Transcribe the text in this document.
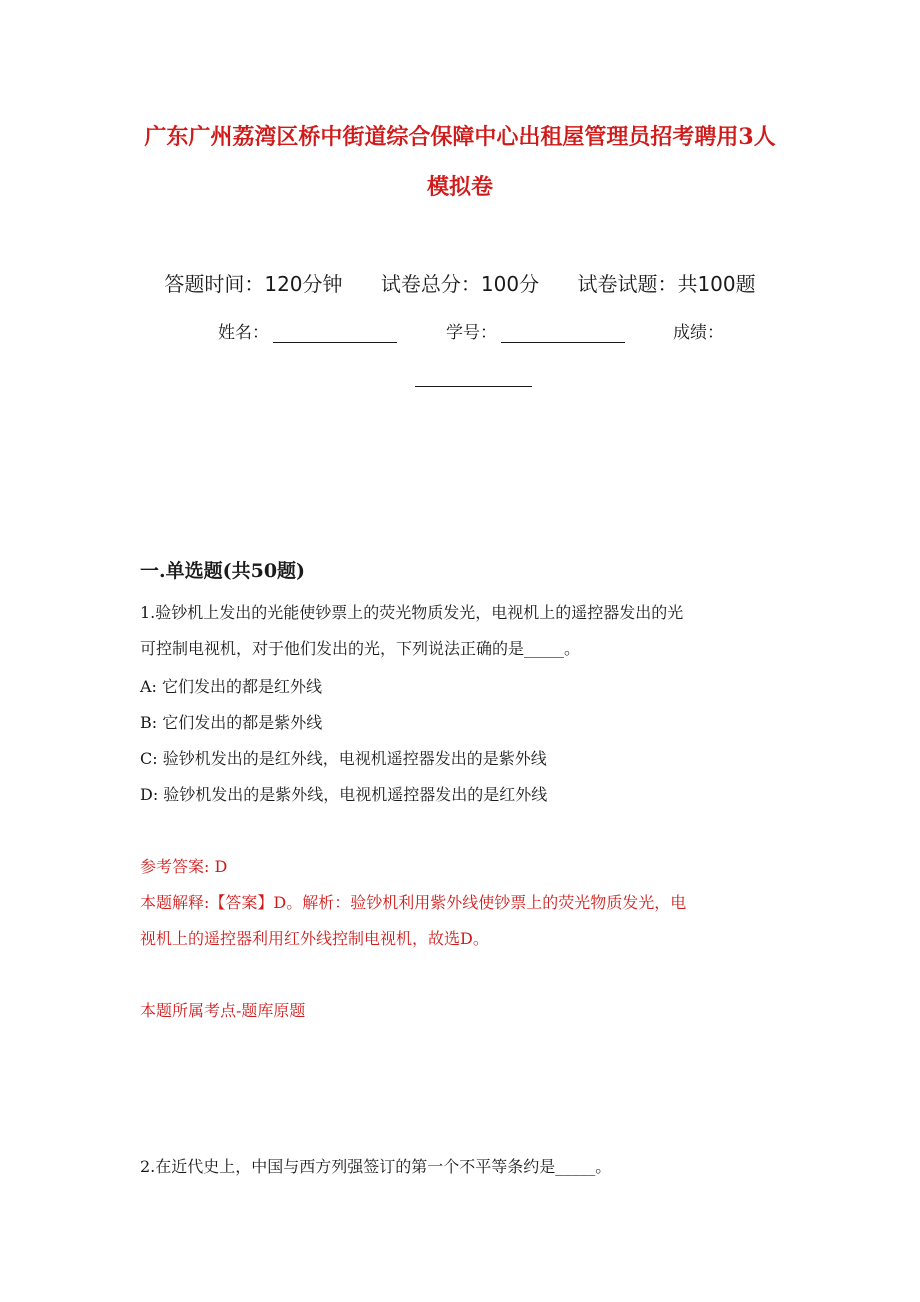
广东广州荔湾区桥中街道综合保障中心出租屋管理员招考聘用3人
模拟卷
答题时间：120分钟 试卷总分：100分 试卷试题：共100题
姓名：	学号：	成绩：
一.单选题(共50题)
1.验钞机上发出的光能使钞票上的荧光物质发光，电视机上的遥控器发出的光
可控制电视机，对于他们发出的光，下列说法正确的是_____。
A: 它们发出的都是红外线
B: 它们发出的都是紫外线
C: 验钞机发出的是红外线，电视机遥控器发出的是紫外线
D: 验钞机发出的是紫外线，电视机遥控器发出的是红外线
参考答案: D
本题解释:【答案】D。解析：验钞机利用紫外线使钞票上的荧光物质发光，电
视机上的遥控器利用红外线控制电视机，故选D。
本题所属考点-题库原题
2.在近代史上，中国与西方列强签订的第一个不平等条约是_____。
